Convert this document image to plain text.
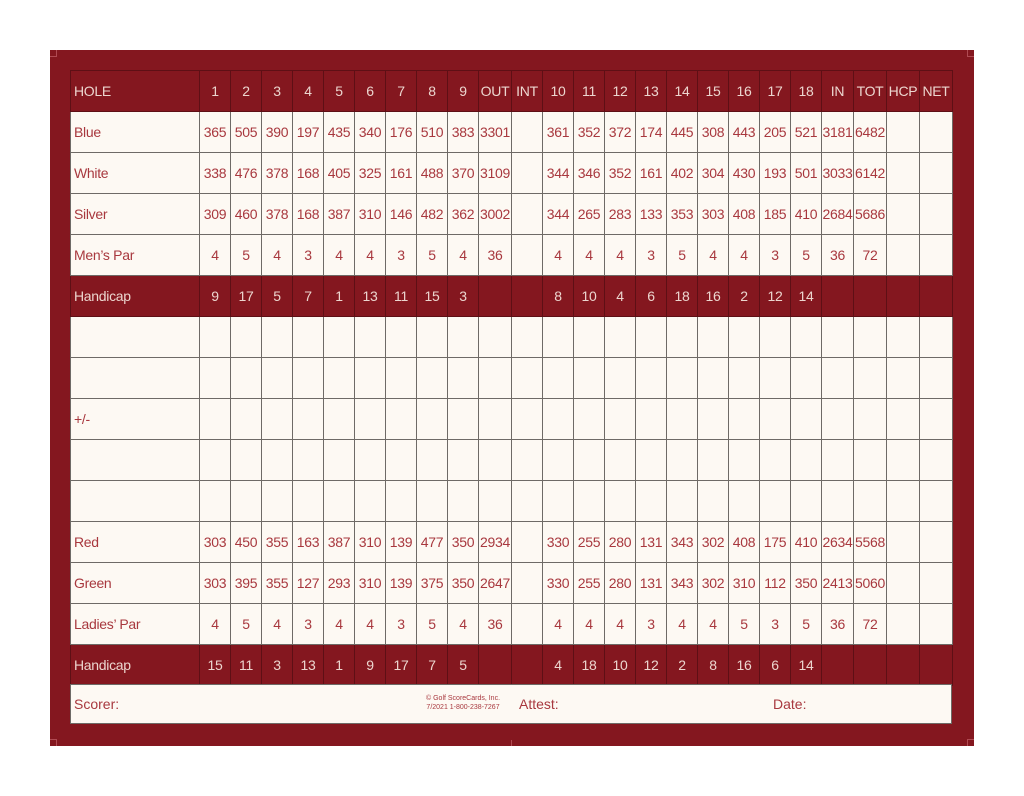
HOLE	1	2	3	4	5	6	7	8	9	OUT	INT	10	11	12	13	14	15	16	17	18	IN	TOT	HCP	NET
Blue	365	505	390	197	435	340	176	510	383	3301		361	352	372	174	445	308	443	205	521	3181	6482		
White	338	476	378	168	405	325	161	488	370	3109		344	346	352	161	402	304	430	193	501	3033	6142		
Silver	309	460	378	168	387	310	146	482	362	3002		344	265	283	133	353	303	408	185	410	2684	5686		
Men’s Par	4	5	4	3	4	4	3	5	4	36		4	4	4	3	5	4	4	3	5	36	72		
Handicap	9	17	5	7	1	13	11	15	3			8	10	4	6	18	16	2	12	14				

+/-																								

Red	303	450	355	163	387	310	139	477	350	2934		330	255	280	131	343	302	408	175	410	2634	5568		
Green	303	395	355	127	293	310	139	375	350	2647		330	255	280	131	343	302	310	112	350	2413	5060		
Ladies’ Par	4	5	4	3	4	4	3	5	4	36		4	4	4	3	4	4	5	3	5	36	72		
Handicap	15	11	3	13	1	9	17	7	5			4	18	10	12	2	8	16	6	14				
Scorer:	© Golf ScoreCards, Inc.
7/2021 1-800-238-7267 Attest:	Date:
